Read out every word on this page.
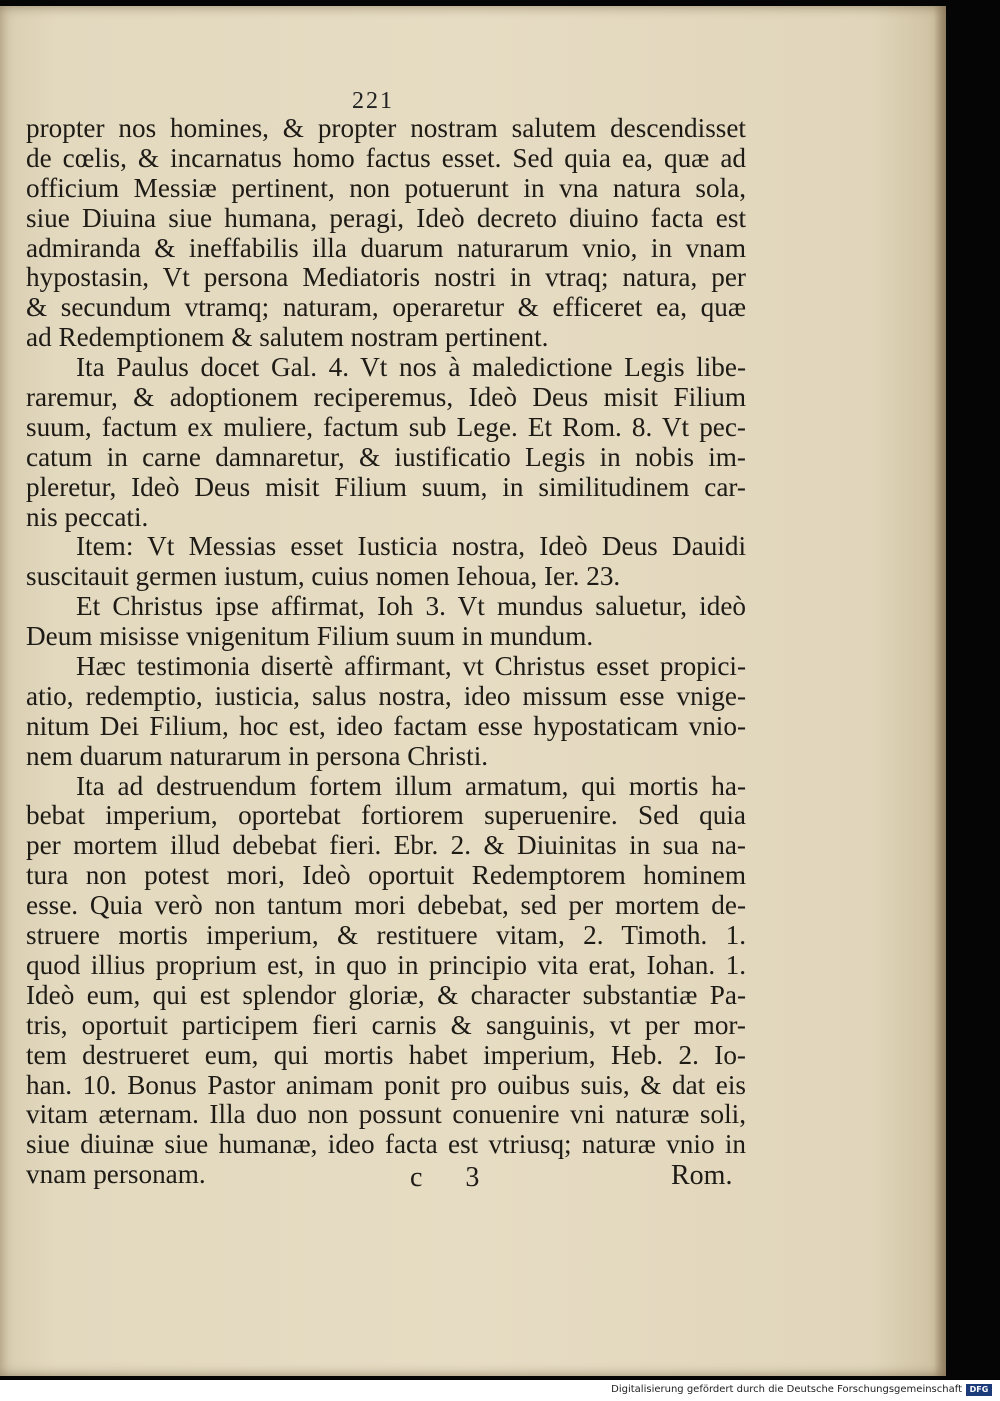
221
propter nos homines, & propter nostram salutem descendisset
de cœlis, & incarnatus homo factus esset. Sed quia ea, quæ ad
officium Messiæ pertinent, non potuerunt in vna natura sola,
siue Diuina siue humana, peragi, Ideò decreto diuino facta est
admiranda & ineffabilis illa duarum naturarum vnio, in vnam
hypostasin, Vt persona Mediatoris nostri in vtraq; natura, per
& secundum vtramq; naturam, operaretur & efficeret ea, quæ
ad Redemptionem & salutem nostram pertinent.
Ita Paulus docet Gal. 4. Vt nos à maledictione Legis libe-
raremur, & adoptionem reciperemus, Ideò Deus misit Filium
suum, factum ex muliere, factum sub Lege. Et Rom. 8. Vt pec-
catum in carne damnaretur, & iustificatio Legis in nobis im-
pleretur, Ideò Deus misit Filium suum, in similitudinem car-
nis peccati.
Item: Vt Messias esset Iusticia nostra, Ideò Deus Dauidi
suscitauit germen iustum, cuius nomen Iehoua, Ier. 23.
Et Christus ipse affirmat, Ioh 3. Vt mundus saluetur, ideò
Deum misisse vnigenitum Filium suum in mundum.
Hæc testimonia disertè affirmant, vt Christus esset propici-
atio, redemptio, iusticia, salus nostra, ideo missum esse vnige-
nitum Dei Filium, hoc est, ideo factam esse hypostaticam vnio-
nem duarum naturarum in persona Christi.
Ita ad destruendum fortem illum armatum, qui mortis ha-
bebat imperium, oportebat fortiorem superuenire. Sed quia
per mortem illud debebat fieri. Ebr. 2. & Diuinitas in sua na-
tura non potest mori, Ideò oportuit Redemptorem hominem
esse. Quia verò non tantum mori debebat, sed per mortem de-
struere mortis imperium, & restituere vitam, 2. Timoth. 1.
quod illius proprium est, in quo in principio vita erat, Iohan. 1.
Ideò eum, qui est splendor gloriæ, & character substantiæ Pa-
tris, oportuit participem fieri carnis & sanguinis, vt per mor-
tem destrueret eum, qui mortis habet imperium, Heb. 2. Io-
han. 10. Bonus Pastor animam ponit pro ouibus suis, & dat eis
vitam æternam. Illa duo non possunt conuenire vni naturæ soli,
siue diuinæ siue humanæ, ideo facta est vtriusq; naturæ vnio in
vnam personam.	c 3	Rom.
Digitalisierung gefördert durch die Deutsche Forschungsgemeinschaft DFG
